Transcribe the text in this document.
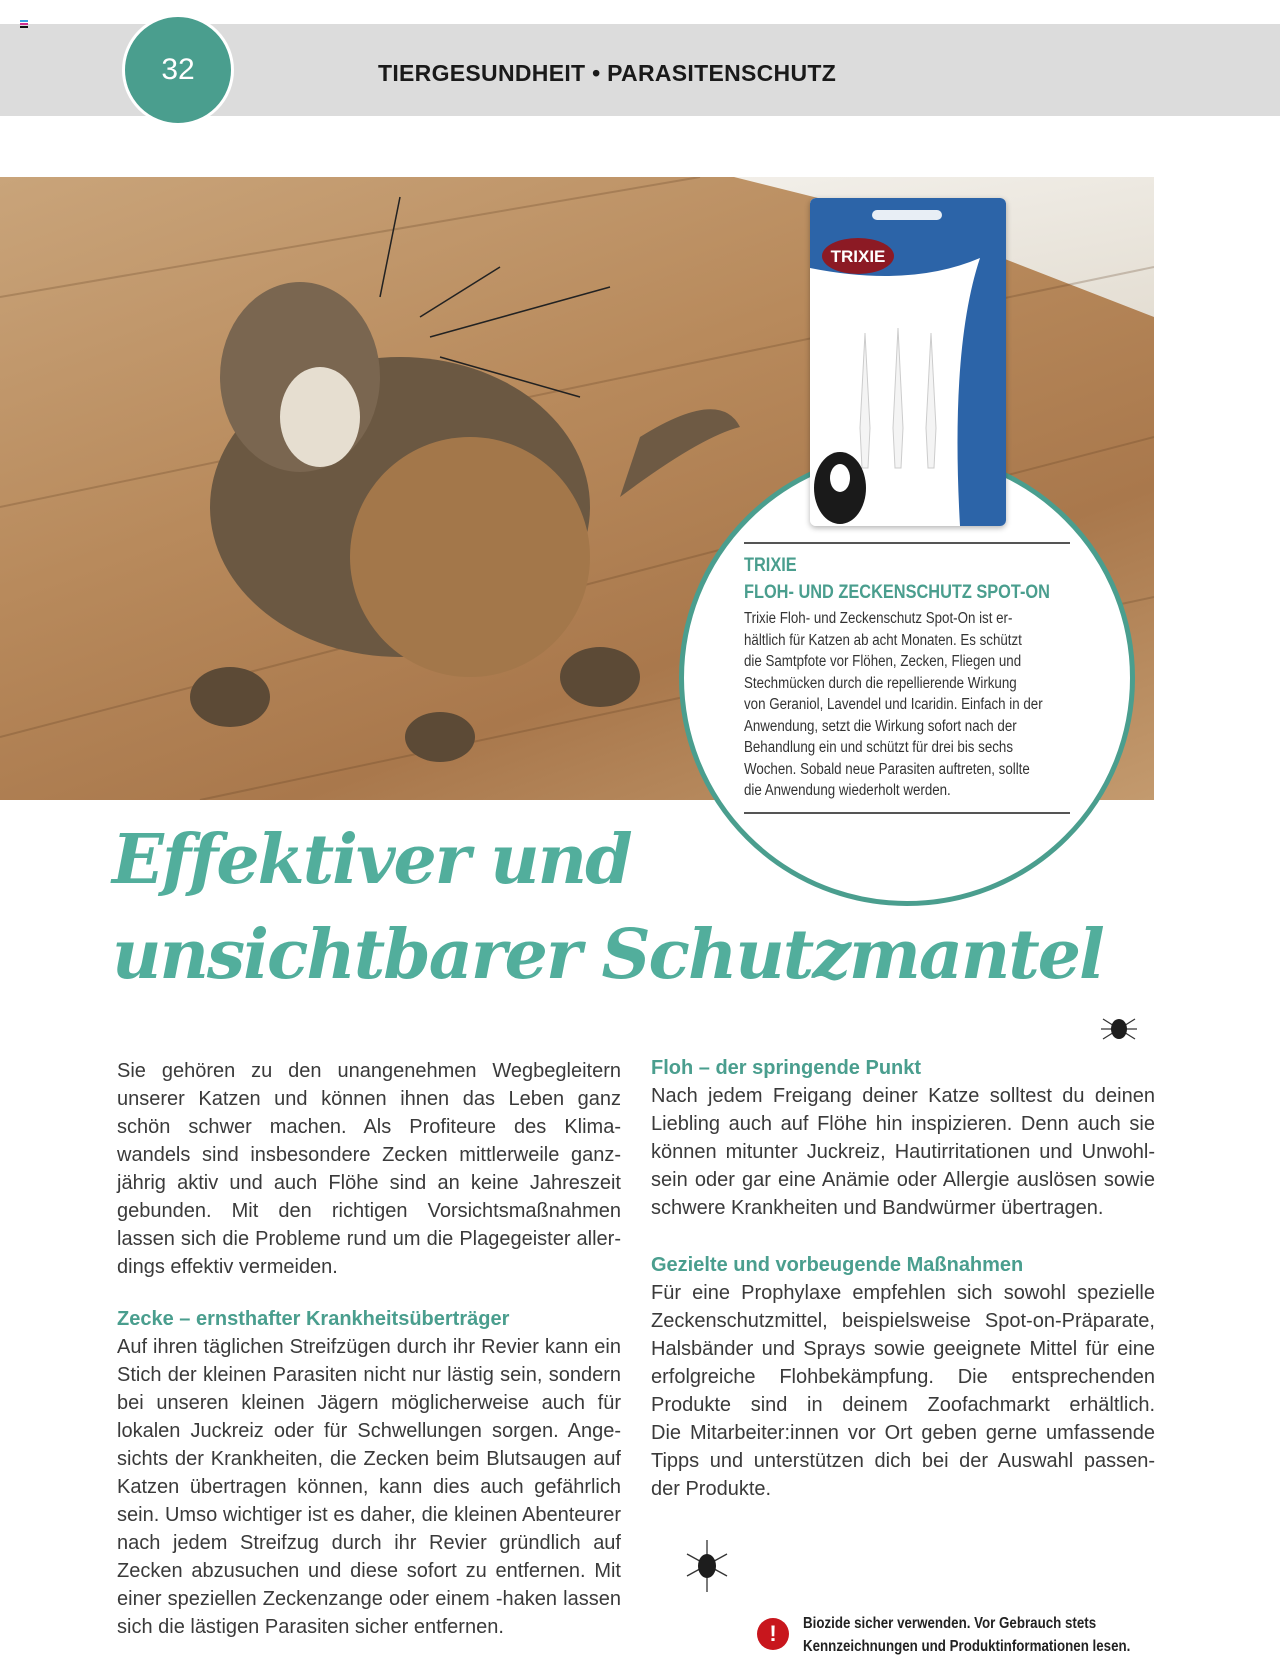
32	TIERGESUNDHEIT • PARASITENSCHUTZ
TRIXIE
TRIXIE
FLOH- UND ZECKENSCHUTZ SPOT-ON
Trixie Floh- und Zeckenschutz Spot-On ist er-
hältlich für Katzen ab acht Monaten. Es schützt
die Samtpfote vor Flöhen, Zecken, Fliegen und
Stechmücken durch die repellierende Wirkung
von Geraniol, Lavendel und Icaridin. Einfach in der
Anwendung, setzt die Wirkung sofort nach der
Behandlung ein und schützt für drei bis sechs
Wochen. Sobald neue Parasiten auftreten, sollte
die Anwendung wiederholt werden.
Effektiver und
unsichtbarer Schutzmantel
Sie gehören zu den unangenehmen Wegbegleitern
unserer Katzen und können ihnen das Leben ganz
schön schwer machen. Als Profiteure des Klima-
wandels sind insbesondere Zecken mittlerweile ganz-
jährig aktiv und auch Flöhe sind an keine Jahreszeit
gebunden. Mit den richtigen Vorsichtsmaßnahmen
lassen sich die Probleme rund um die Plagegeister aller-
dings effektiv vermeiden.
Zecke – ernsthafter Krankheitsüberträger
Auf ihren täglichen Streifzügen durch ihr Revier kann ein
Stich der kleinen Parasiten nicht nur lästig sein, sondern
bei unseren kleinen Jägern möglicherweise auch für
lokalen Juckreiz oder für Schwellungen sorgen. Ange-
sichts der Krankheiten, die Zecken beim Blutsaugen auf
Katzen übertragen können, kann dies auch gefährlich
sein. Umso wichtiger ist es daher, die kleinen Abenteurer
nach jedem Streifzug durch ihr Revier gründlich auf
Zecken abzusuchen und diese sofort zu entfernen. Mit
einer speziellen Zeckenzange oder einem -haken lassen
sich die lästigen Parasiten sicher entfernen.
Floh – der springende Punkt
Nach jedem Freigang deiner Katze solltest du deinen
Liebling auch auf Flöhe hin inspizieren. Denn auch sie
können mitunter Juckreiz, Hautirritationen und Unwohl-
sein oder gar eine Anämie oder Allergie auslösen sowie
schwere Krankheiten und Bandwürmer übertragen.
Gezielte und vorbeugende Maßnahmen
Für eine Prophylaxe empfehlen sich sowohl spezielle
Zeckenschutzmittel, beispielsweise Spot-on-Präparate,
Halsbänder und Sprays sowie geeignete Mittel für eine
erfolgreiche Flohbekämpfung. Die entsprechenden
Produkte sind in deinem Zoofachmarkt erhältlich.
Die Mitarbeiter:innen vor Ort geben gerne umfassende
Tipps und unterstützen dich bei der Auswahl passen-
der Produkte.
!	Biozide sicher verwenden. Vor Gebrauch stets
Kennzeichnungen und Produktinformationen lesen.
